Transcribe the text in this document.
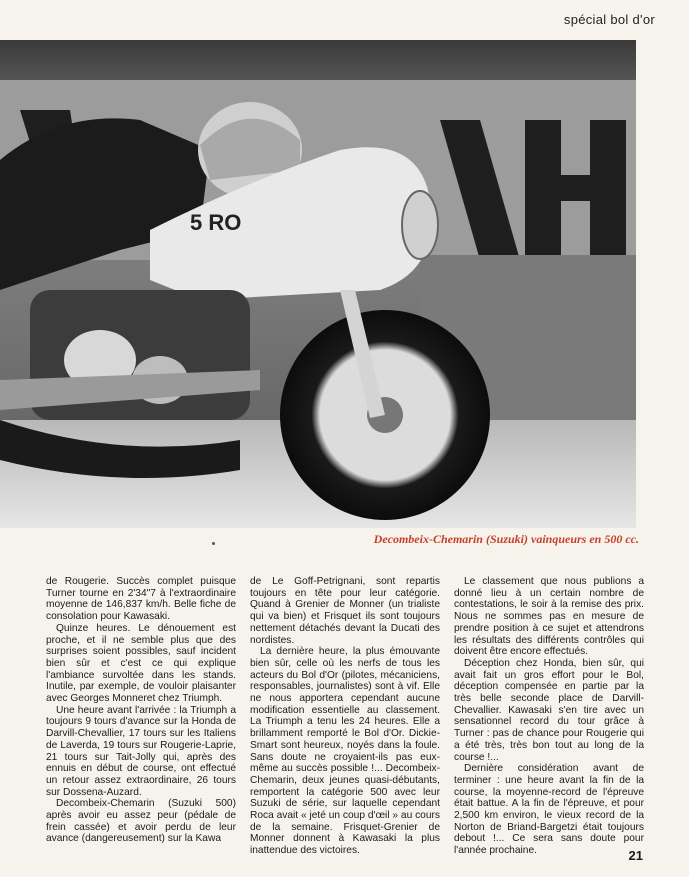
spécial bol d'or
5 RO
Decombeix-Chemarin (Suzuki) vainqueurs en 500 cc.

de Rougerie. Succès complet puisque Turner tourne en 2'34"7 à l'extraordinaire moyenne de 146,837 km/h. Belle fiche de consolation pour Kawasaki.

Quinze heures. Le dénouement est proche, et il ne semble plus que des surprises soient possibles, sauf incident bien sûr et c'est ce qui explique l'ambiance survoltée dans les stands. Inutile, par exemple, de vouloir plaisanter avec Georges Monneret chez Triumph.

Une heure avant l'arrivée : la Triumph a toujours 9 tours d'avance sur la Honda de Darvill-Chevallier, 17 tours sur les Italiens de Laverda, 19 tours sur Rougerie-Laprie, 21 tours sur Tait-Jolly qui, après des ennuis en début de course, ont effectué un retour assez extraordinaire, 26 tours sur Dossena-Auzard.

Decombeix-Chemarin (Suzuki 500) après avoir eu assez peur (pédale de frein cassée) et avoir perdu de leur avance (dangereusement) sur la Kawa

de Le Goff-Petrignani, sont repartis toujours en tête pour leur catégorie. Quand à Grenier de Monner (un trialiste qui va bien) et Frisquet ils sont toujours nettement détachés devant la Ducati des nordistes.

La dernière heure, la plus émouvante bien sûr, celle où les nerfs de tous les acteurs du Bol d'Or (pilotes, mécaniciens, responsables, journalistes) sont à vif. Elle ne nous apportera cependant aucune modification essentielle au classement. La Triumph a tenu les 24 heures. Elle a brillamment remporté le Bol d'Or. Dickie-Smart sont heureux, noyés dans la foule. Sans doute ne croyaient-ils pas eux-même au succès possible !... Decombeix-Chemarin, deux jeunes quasi-débutants, remportent la catégorie 500 avec leur Suzuki de série, sur laquelle cependant Roca avait « jeté un coup d'œil » au cours de la semaine. Frisquet-Grenier de Monner donnent à Kawasaki la plus inattendue des victoires.

Le classement que nous publions a donné lieu à un certain nombre de contestations, le soir à la remise des prix. Nous ne sommes pas en mesure de prendre position à ce sujet et attendrons les résultats des différents contrôles qui doivent être encore effectués.

Déception chez Honda, bien sûr, qui avait fait un gros effort pour le Bol, déception compensée en partie par la très belle seconde place de Darvill-Chevallier. Kawasaki s'en tire avec un sensationnel record du tour grâce à Turner : pas de chance pour Rougerie qui a été très, très bon tout au long de la course !...

Dernière considération avant de terminer : une heure avant la fin de la course, la moyenne-record de l'épreuve était battue. A la fin de l'épreuve, et pour 2,500 km environ, le vieux record de la Norton de Briand-Bargetzi était toujours debout !... Ce sera sans doute pour l'année prochaine.	21
